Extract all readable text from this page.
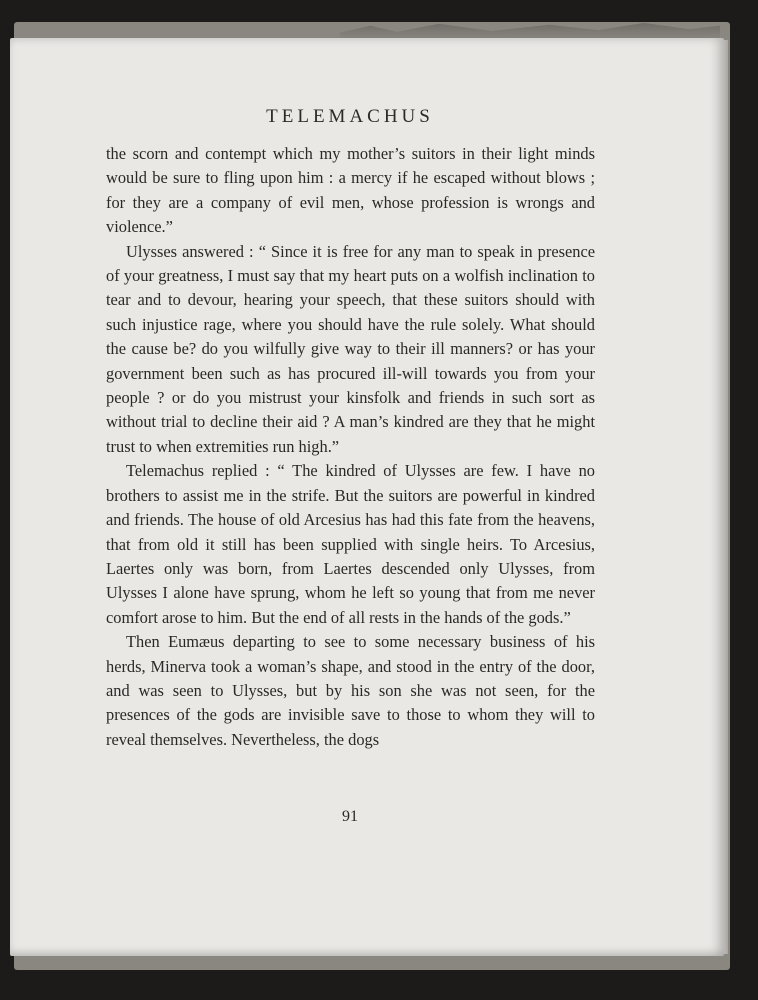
TELEMACHUS

the scorn and contempt which my mother’s suitors in their light minds would be sure to fling upon him : a mercy if he escaped without blows ; for they are a company of evil men, whose profession is wrongs and violence.”

Ulysses answered : “ Since it is free for any man to speak in presence of your greatness, I must say that my heart puts on a wolfish inclination to tear and to devour, hearing your speech, that these suitors should with such injustice rage, where you should have the rule solely. What should the cause be? do you wilfully give way to their ill manners? or has your government been such as has procured ill-will towards you from your people ? or do you mistrust your kinsfolk and friends in such sort as without trial to decline their aid ? A man’s kindred are they that he might trust to when extremities run high.”

Telemachus replied : “ The kindred of Ulysses are few. I have no brothers to assist me in the strife. But the suitors are powerful in kindred and friends. The house of old Arcesius has had this fate from the heavens, that from old it still has been supplied with single heirs. To Arcesius, Laertes only was born, from Laertes descended only Ulysses, from Ulysses I alone have sprung, whom he left so young that from me never comfort arose to him. But the end of all rests in the hands of the gods.”

Then Eumæus departing to see to some necessary business of his herds, Minerva took a woman’s shape, and stood in the entry of the door, and was seen to Ulysses, but by his son she was not seen, for the presences of the gods are invisible save to those to whom they will to reveal themselves. Nevertheless, the dogs

91
